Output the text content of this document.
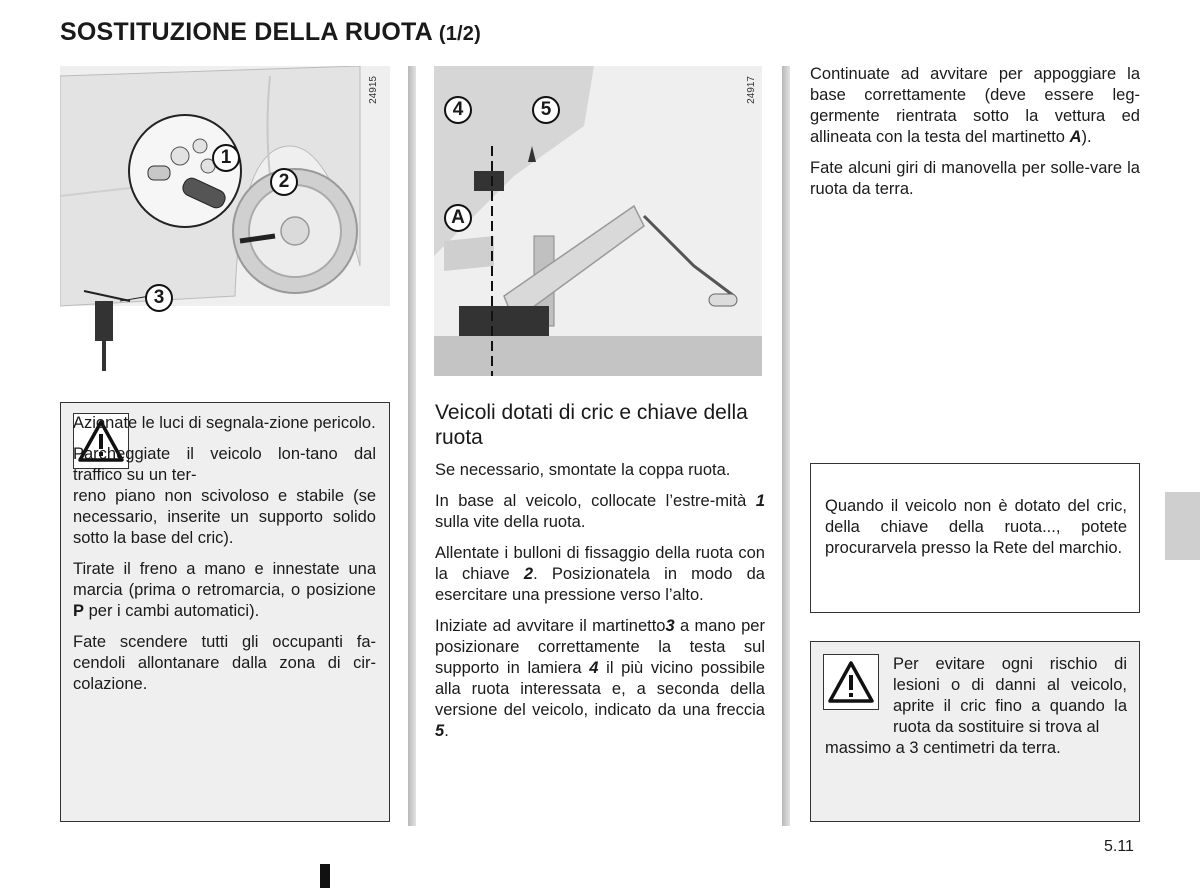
SOSTITUZIONE DELLA RUOTA (1/2)
24915
1
2
3
24917
4	5
A

Azionate le luci di segnala-zione pericolo.

Parcheggiate il veicolo lon-tano dal traffico su un ter-

reno piano non scivoloso e stabile (se necessario, inserite un supporto solido sotto la base del cric).

Tirate il freno a mano e innestate una marcia (prima o retromarcia, o posizione P per i cambi automatici).

Fate scendere tutti gli occupanti fa-cendoli allontanare dalla zona di cir-colazione.

Veicoli dotati di cric e chiave della ruota

Se necessario, smontate la coppa ruota.

In base al veicolo, collocate l’estre-mità 1 sulla vite della ruota.

Allentate i bulloni di fissaggio della ruota con la chiave 2. Posizionatela in modo da esercitare una pressione verso l’alto.

Iniziate ad avvitare il martinetto3 a mano per posizionare correttamente la testa sul supporto in lamiera 4 il più vicino possibile alla ruota interessata e, a seconda della versione del veicolo, indicato da una freccia 5.

Continuate ad avvitare per appoggiare la base correttamente (deve essere leg-germente rientrata sotto la vettura ed allineata con la testa del martinetto A).

Fate alcuni giri di manovella per solle-vare la ruota da terra.

Quando il veicolo non è dotato del cric, della chiave della ruota..., potete procurarvela presso la Rete del marchio.

Per evitare ogni rischio di lesioni o di danni al veicolo, aprite il cric fino a quando la ruota da sostituire si trova al

massimo a 3 centimetri da terra.

5.11
